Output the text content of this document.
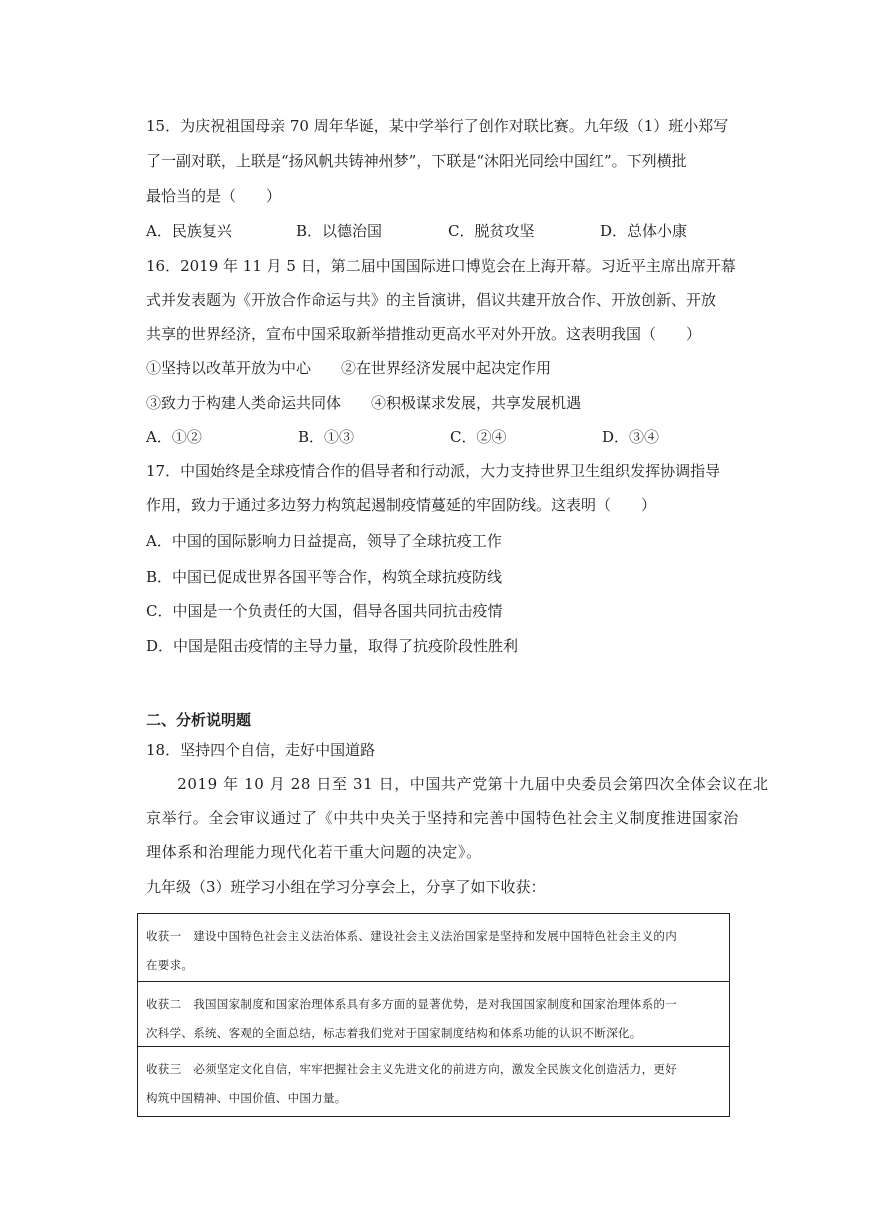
15．为庆祝祖国母亲 70 周年华诞，某中学举行了创作对联比赛。九年级（1）班小郑写
了一副对联，上联是“扬风帆共铸神州梦”，下联是“沐阳光同绘中国红”。下列横批
最恰当的是（　　）
A．民族复兴	B．以德治国	C．脱贫攻坚	D．总体小康
16．2019 年 11 月 5 日，第二届中国国际进口博览会在上海开幕。习近平主席出席开幕
式并发表题为《开放合作命运与共》的主旨演讲，倡议共建开放合作、开放创新、开放
共享的世界经济，宣布中国采取新举措推动更高水平对外开放。这表明我国（　　）
①坚持以改革开放为中心　　②在世界经济发展中起决定作用
③致力于构建人类命运共同体　　④积极谋求发展，共享发展机遇
A．①②	B．①③	C．②④	D．③④
17．中国始终是全球疫情合作的倡导者和行动派，大力支持世界卫生组织发挥协调指导
作用，致力于通过多边努力构筑起遏制疫情蔓延的牢固防线。这表明（　　）
A．中国的国际影响力日益提高，领导了全球抗疫工作
B．中国已促成世界各国平等合作，构筑全球抗疫防线
C．中国是一个负责任的大国，倡导各国共同抗击疫情
D．中国是阻击疫情的主导力量，取得了抗疫阶段性胜利
二、分析说明题
18．坚持四个自信，走好中国道路
　　2019 年 10 月 28 日至 31 日，中国共产党第十九届中央委员会第四次全体会议在北
京举行。全会审议通过了《中共中央关于坚持和完善中国特色社会主义制度推进国家治
理体系和治理能力现代化若干重大问题的决定》。
九年级（3）班学习小组在学习分享会上，分享了如下收获：
收获一　建设中国特色社会主义法治体系、建设社会主义法治国家是坚持和发展中国特色社会主义的内
在要求。
收获二　我国国家制度和国家治理体系具有多方面的显著优势，是对我国国家制度和国家治理体系的一
次科学、系统、客观的全面总结，标志着我们党对于国家制度结构和体系功能的认识不断深化。
收获三　必须坚定文化自信，牢牢把握社会主义先进文化的前进方向，激发全民族文化创造活力，更好
构筑中国精神、中国价值、中国力量。
